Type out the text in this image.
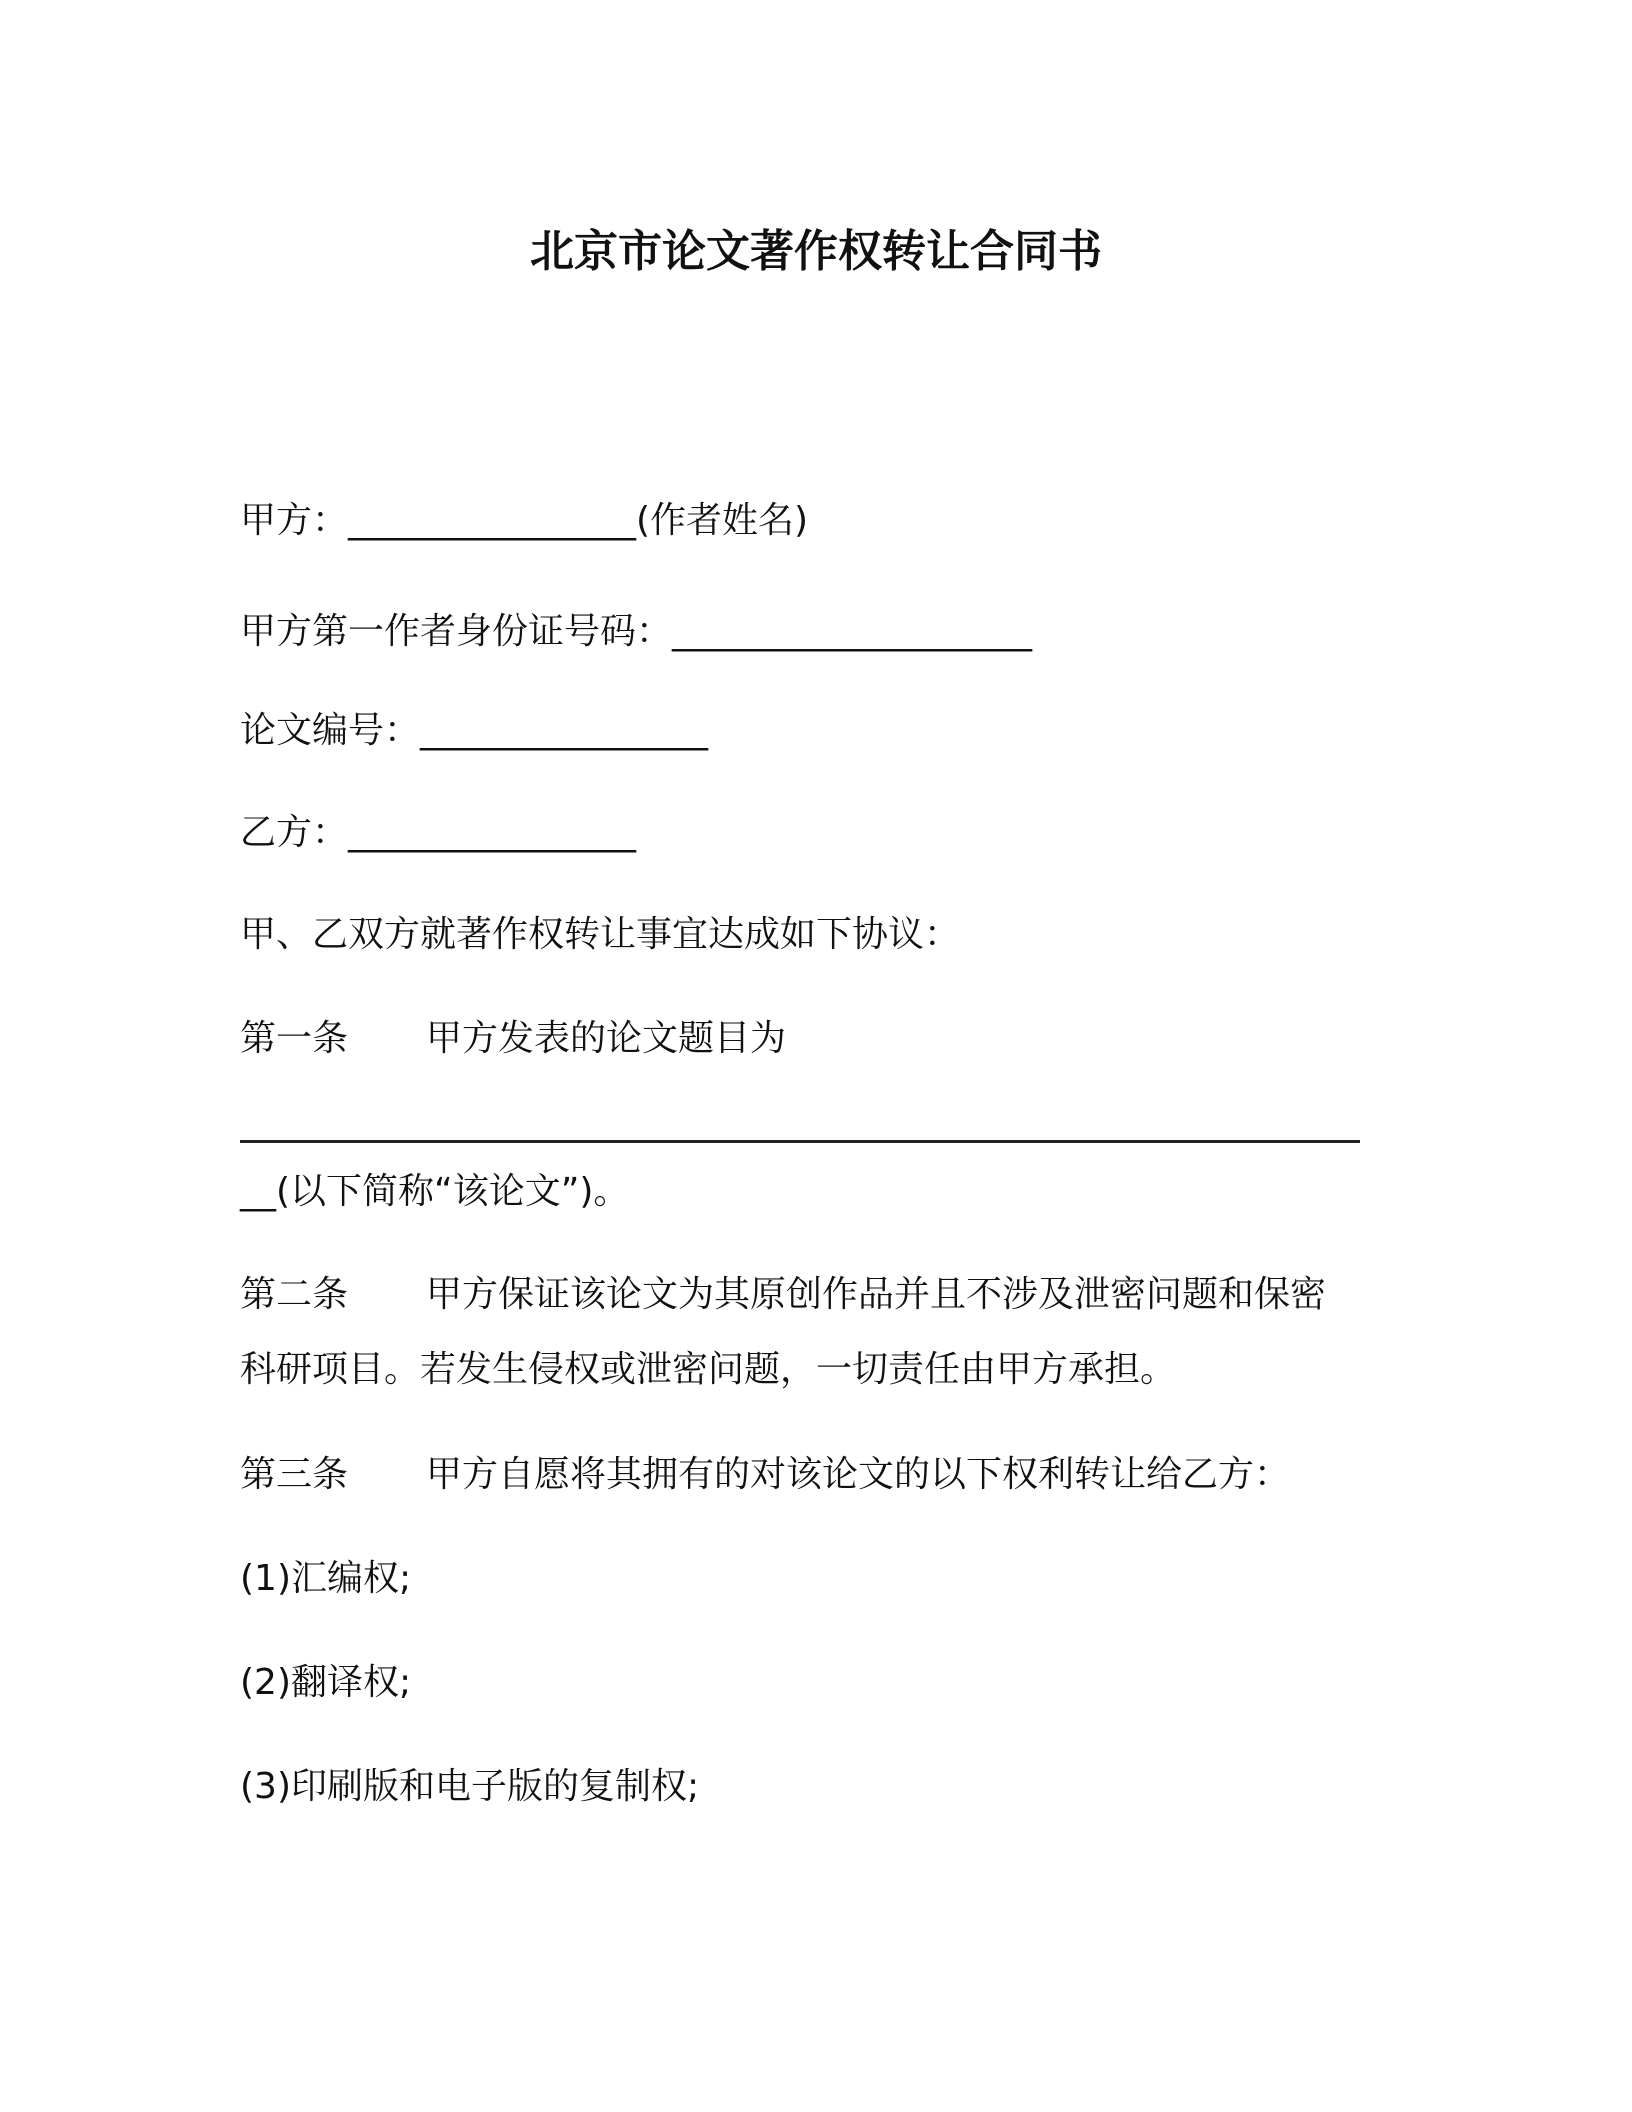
北京市论文著作权转让合同书
甲方：________________(作者姓名)
甲方第一作者身份证号码：____________________
论文编号：________________
乙方：________________
甲、乙双方就著作权转让事宜达成如下协议：
第一条 甲方发表的论文题目为
__(以下简称“该论文”)。
第二条 甲方保证该论文为其原创作品并且不涉及泄密问题和保密
科研项目。若发生侵权或泄密问题，一切责任由甲方承担。
第三条 甲方自愿将其拥有的对该论文的以下权利转让给乙方：
(1)汇编权;
(2)翻译权;
(3)印刷版和电子版的复制权;
